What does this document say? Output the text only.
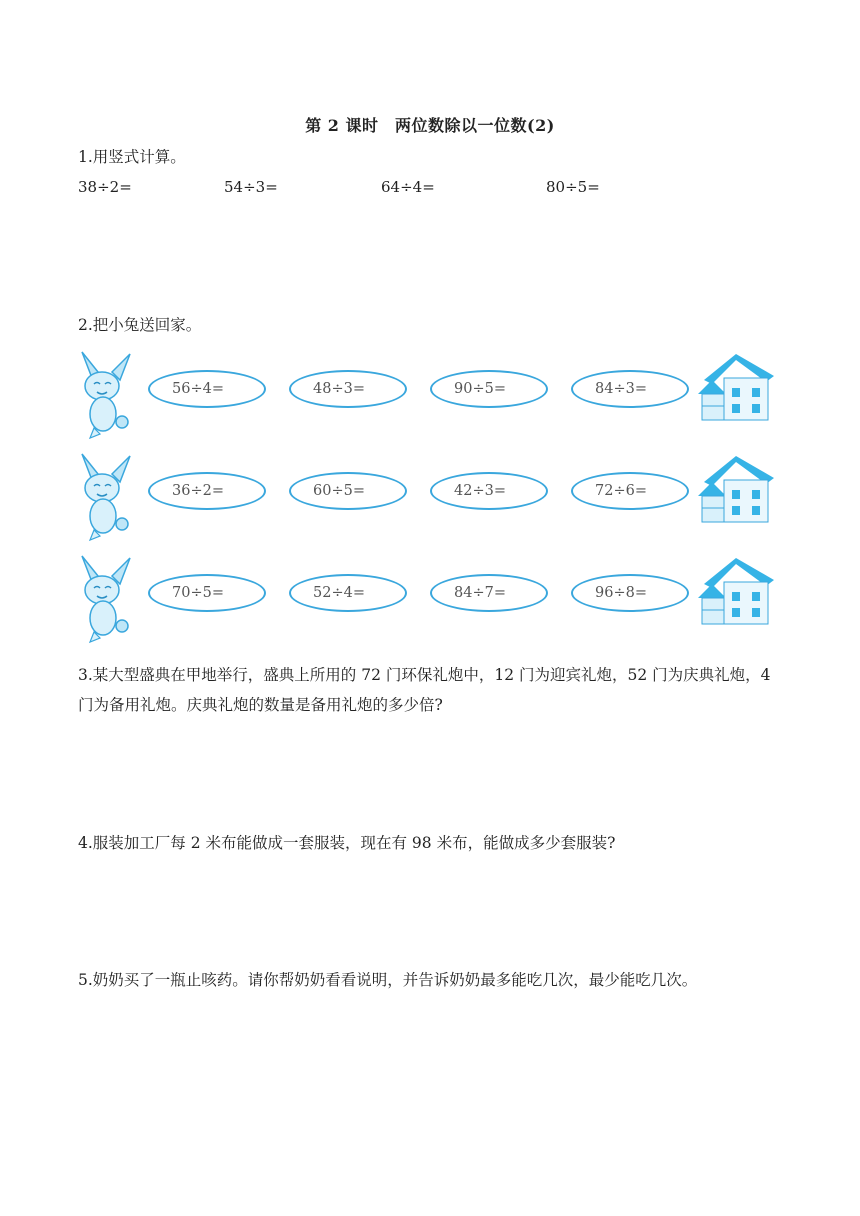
第 2 课时　两位数除以一位数(2)
1.用竖式计算。
38÷2=	54÷3=	64÷4=	80÷5=
2.把小兔送回家。
56÷4=	48÷3=	90÷5=	84÷3=
36÷2=	60÷5=	42÷3=	72÷6=
70÷5=	52÷4=	84÷7=	96÷8=
3.某大型盛典在甲地举行，盛典上所用的 72 门环保礼炮中，12 门为迎宾礼炮，52 门为庆典礼炮，4 门为备用礼炮。庆典礼炮的数量是备用礼炮的多少倍?
4.服装加工厂每 2 米布能做成一套服装，现在有 98 米布，能做成多少套服装?
5.奶奶买了一瓶止咳药。请你帮奶奶看看说明，并告诉奶奶最多能吃几次，最少能吃几次。
